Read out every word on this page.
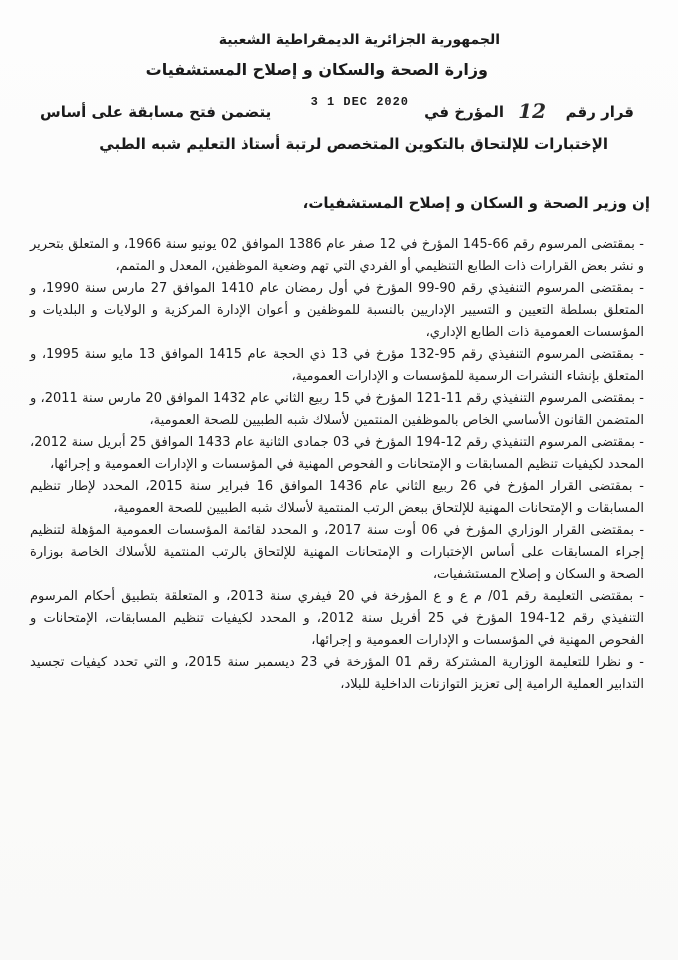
الجمهورية الجزائرية الديمقراطية الشعبية
وزارة الصحة والسكان و إصلاح المستشفيات
قرار رقم
12
المؤرخ في
3 1 DEC 2020
يتضمن فتح مسابقة على أساس
الإختبارات للإلتحاق بالتكوين المتخصص لرتبة أستاذ التعليم شبه الطبي
إن وزير الصحة و السكان و إصلاح المستشفيات،

- بمقتضى المرسوم رقم 66-145 المؤرخ في 12 صفر عام 1386 الموافق 02 يونيو سنة 1966، و المتعلق بتحرير و نشر بعض القرارات ذات الطابع التنظيمي أو الفردي التي تهم وضعية الموظفين، المعدل و المتمم،

- بمقتضى المرسوم التنفيذي رقم 90-99 المؤرخ في أول رمضان عام 1410 الموافق 27 مارس سنة 1990، و المتعلق بسلطة التعيين و التسيير الإداريين بالنسبة للموظفين و أعوان الإدارة المركزية و الولايات و البلديات و المؤسسات العمومية ذات الطابع الإداري،

- بمقتضى المرسوم التنفيذي رقم 95-132 مؤرخ في 13 ذي الحجة عام 1415 الموافق 13 مايو سنة 1995، و المتعلق بإنشاء النشرات الرسمية للمؤسسات و الإدارات العمومية،

- بمقتضى المرسوم التنفيذي رقم 11-121 المؤرخ في 15 ربيع الثاني عام 1432 الموافق 20 مارس سنة 2011، و المتضمن القانون الأساسي الخاص بالموظفين المنتمين لأسلاك شبه الطبيين للصحة العمومية،

- بمقتضى المرسوم التنفيذي رقم 12-194 المؤرخ في 03 جمادى الثانية عام 1433 الموافق 25 أبريل سنة 2012، المحدد لكيفيات تنظيم المسابقات و الإمتحانات و الفحوص المهنية في المؤسسات و الإدارات العمومية و إجرائها،

- بمقتضى القرار المؤرخ في 26 ربيع الثاني عام 1436 الموافق 16 فبراير سنة 2015، المحدد لإطار تنظيم المسابقات و الإمتحانات المهنية للإلتحاق ببعض الرتب المنتمية لأسلاك شبه الطبيين للصحة العمومية،

- بمقتضى القرار الوزاري المؤرخ في 06 أوت سنة 2017، و المحدد لقائمة المؤسسات العمومية المؤهلة لتنظيم إجراء المسابقات على أساس الإختبارات و الإمتحانات المهنية للإلتحاق بالرتب المنتمية للأسلاك الخاصة بوزارة الصحة و السكان و إصلاح المستشفيات،

- بمقتضى التعليمة رقم 01/ م ع و ع المؤرخة في 20 فيفري سنة 2013، و المتعلقة بتطبيق أحكام المرسوم التنفيذي رقم 12-194 المؤرخ في 25 أفريل سنة 2012، و المحدد لكيفيات تنظيم المسابقات، الإمتحانات و الفحوص المهنية في المؤسسات و الإدارات العمومية و إجرائها،

- و نظرا للتعليمة الوزارية المشتركة رقم 01 المؤرخة في 23 ديسمبر سنة 2015، و التي تحدد كيفيات تجسيد التدابير العملية الرامية إلى تعزيز التوازنات الداخلية للبلاد،
